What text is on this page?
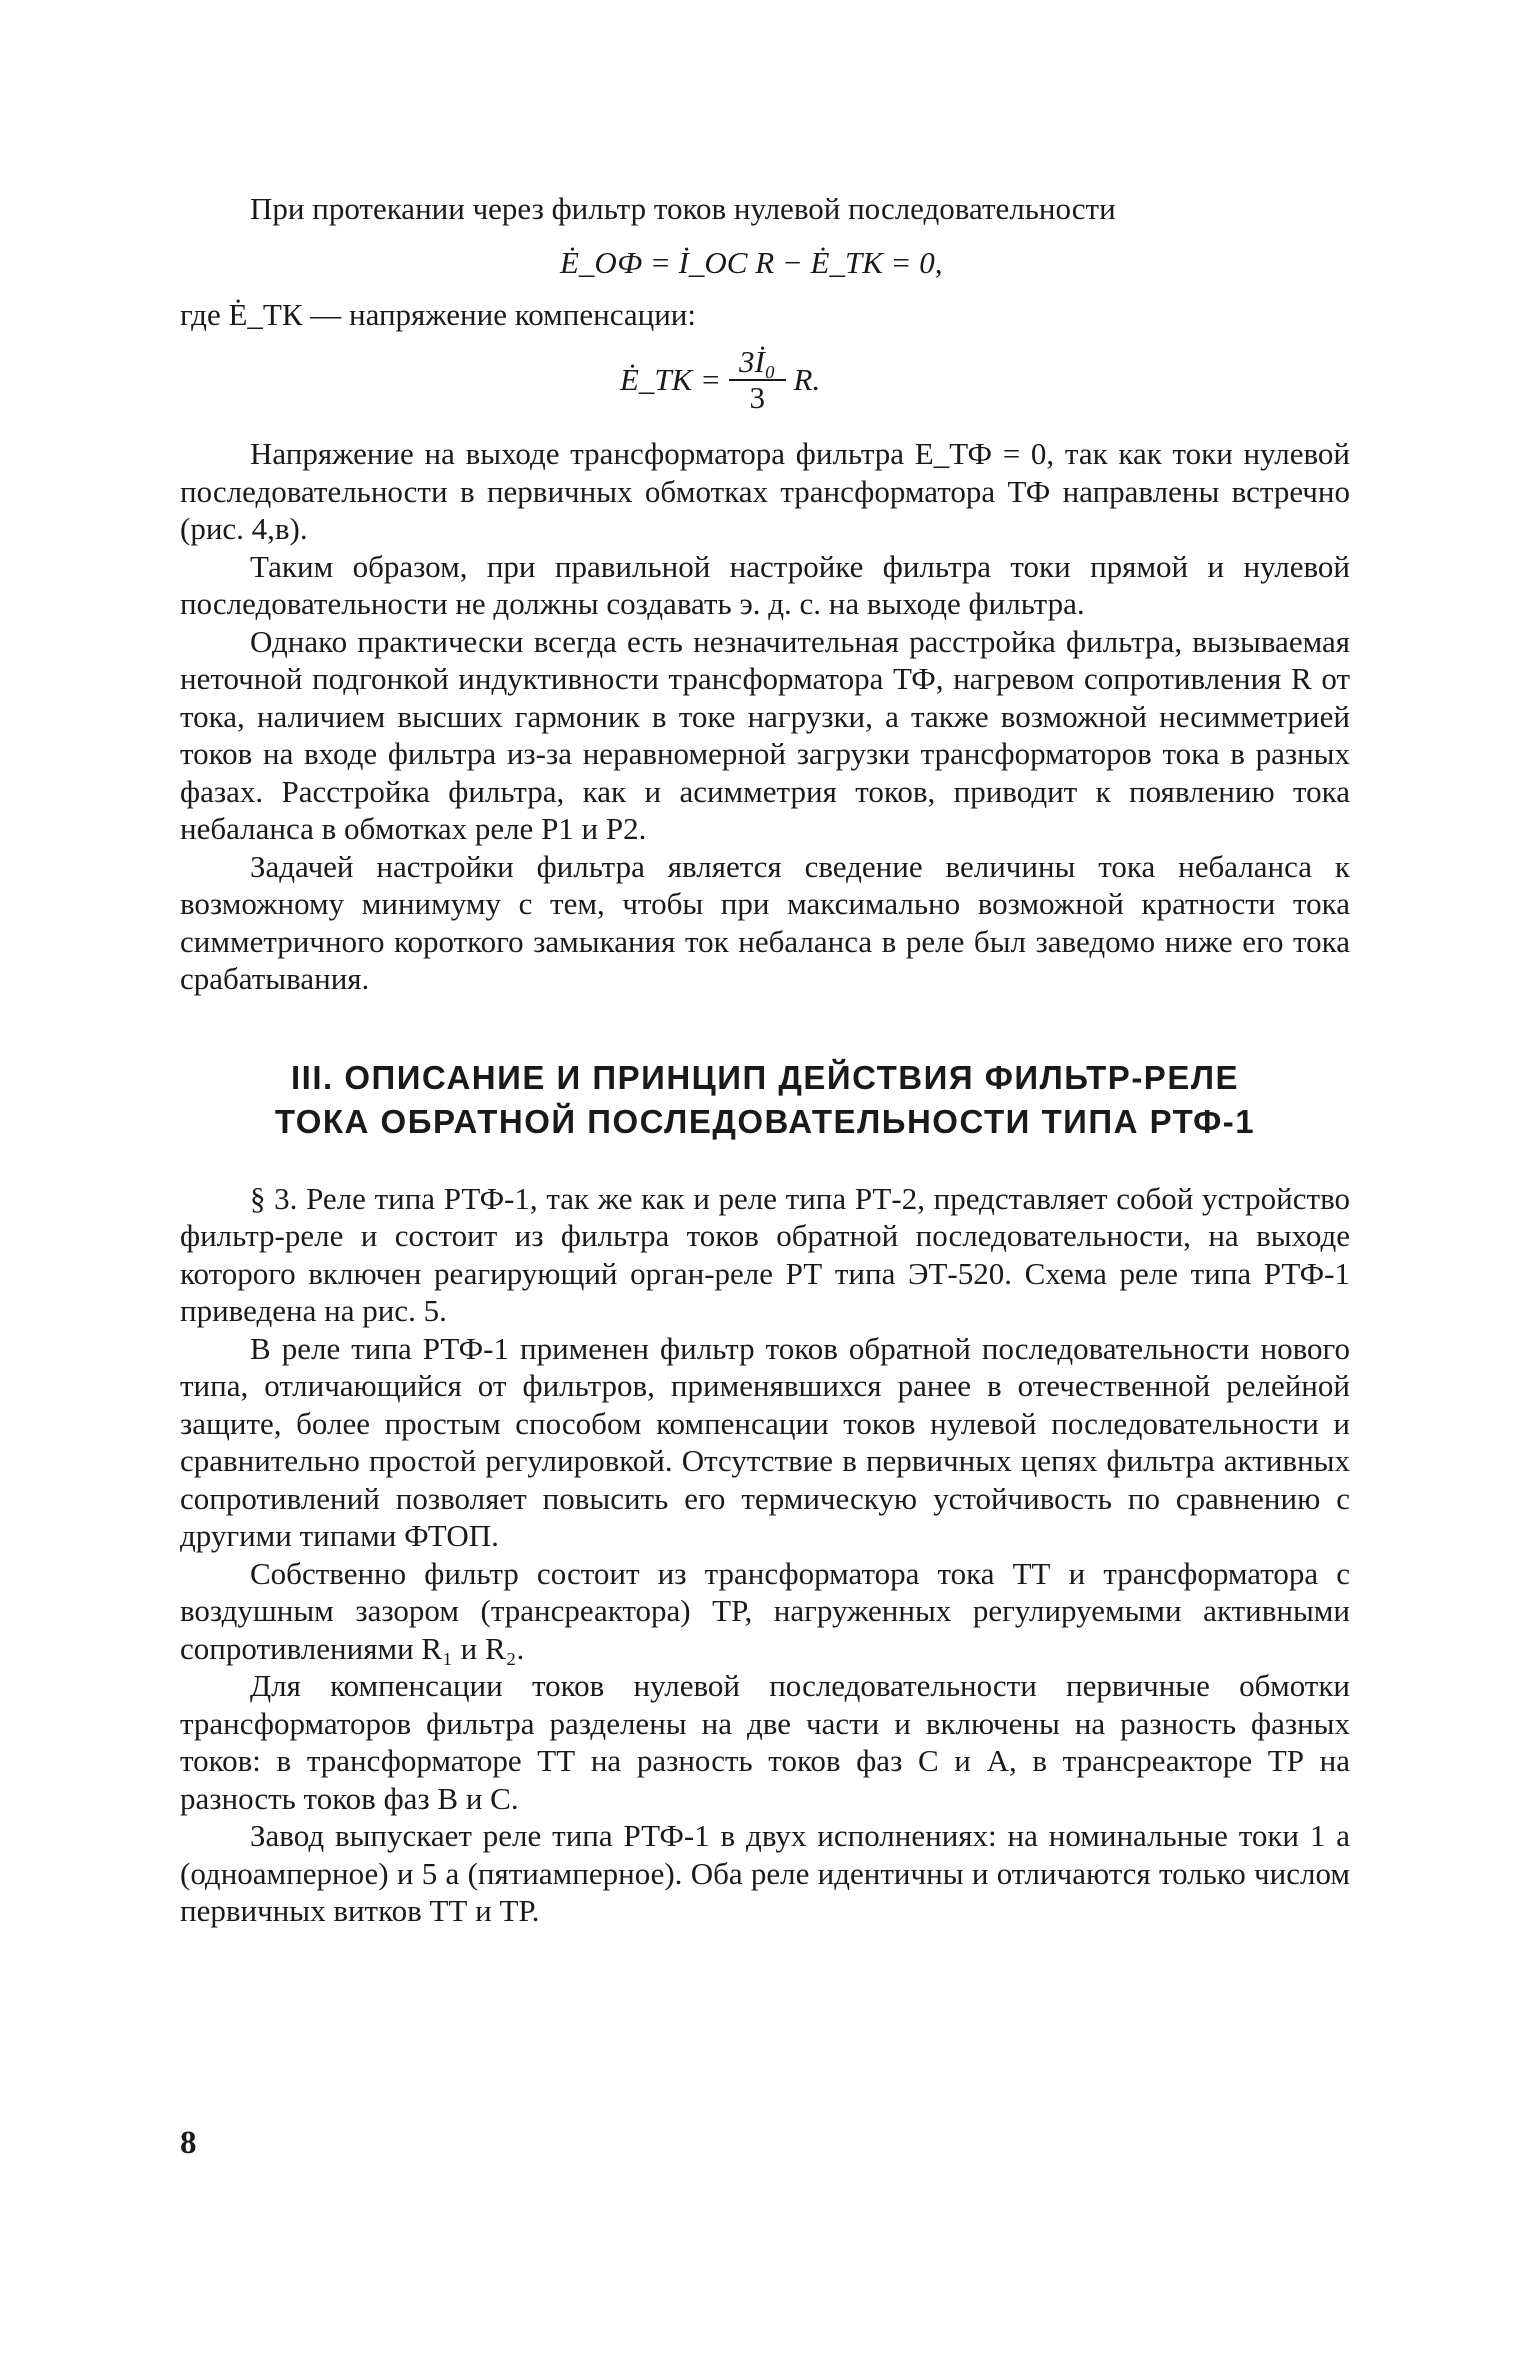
При протекании через фильтр токов нулевой последовательности

Ė_ОФ = İ_ОС R − Ė_ТК = 0,
где Ė_ТК — напряжение компенсации:
Ė_ТК = $\frac{\text{3İ₀}}{3} R$.

Напряжение на выходе трансформатора фильтра E_ТФ = 0, так как токи нулевой последовательности в первичных обмотках трансформатора ТФ направлены встречно (рис. 4,в).

Таким образом, при правильной настройке фильтра токи прямой и нулевой последовательности не должны создавать э. д. с. на выходе фильтра.

Однако практически всегда есть незначительная расстройка фильтра, вызываемая неточной подгонкой индуктивности трансформатора ТФ, нагревом сопротивления R от тока, наличием высших гармоник в токе нагрузки, а также возможной несимметрией токов на входе фильтра из-за неравномерной загрузки трансформаторов тока в разных фазах. Расстройка фильтра, как и асимметрия токов, приводит к появлению тока небаланса в обмотках реле Р1 и Р2.

Задачей настройки фильтра является сведение величины тока небаланса к возможному минимуму с тем, чтобы при максимально возможной кратности тока симметричного короткого замыкания ток небаланса в реле был заведомо ниже его тока срабатывания.

III. ОПИСАНИЕ И ПРИНЦИП ДЕЙСТВИЯ ФИЛЬТР-РЕЛЕ
ТОКА ОБРАТНОЙ ПОСЛЕДОВАТЕЛЬНОСТИ ТИПА РТФ-1

§ 3. Реле типа РТФ-1, так же как и реле типа РТ-2, представляет собой устройство фильтр-реле и состоит из фильтра токов обратной последовательности, на выходе которого включен реагирующий орган-реле РТ типа ЭТ-520. Схема реле типа РТФ-1 приведена на рис. 5.

В реле типа РТФ-1 применен фильтр токов обратной последовательности нового типа, отличающийся от фильтров, применявшихся ранее в отечественной релейной защите, более простым способом компенсации токов нулевой последовательности и сравнительно простой регулировкой. Отсутствие в первичных цепях фильтра активных сопротивлений позволяет повысить его термическую устойчивость по сравнению с другими типами ФТОП.

Собственно фильтр состоит из трансформатора тока ТТ и трансформатора с воздушным зазором (трансреактора) ТР, нагруженных регулируемыми активными сопротивлениями R₁ и R₂.

Для компенсации токов нулевой последовательности первичные обмотки трансформаторов фильтра разделены на две части и включены на разность фазных токов: в трансформаторе ТТ на разность токов фаз С и А, в трансреакторе ТР на разность токов фаз В и С.

Завод выпускает реле типа РТФ-1 в двух исполнениях: на номинальные токи 1 а (одноамперное) и 5 а (пятиамперное). Оба реле идентичны и отличаются только числом первичных витков ТТ и ТР.

8
